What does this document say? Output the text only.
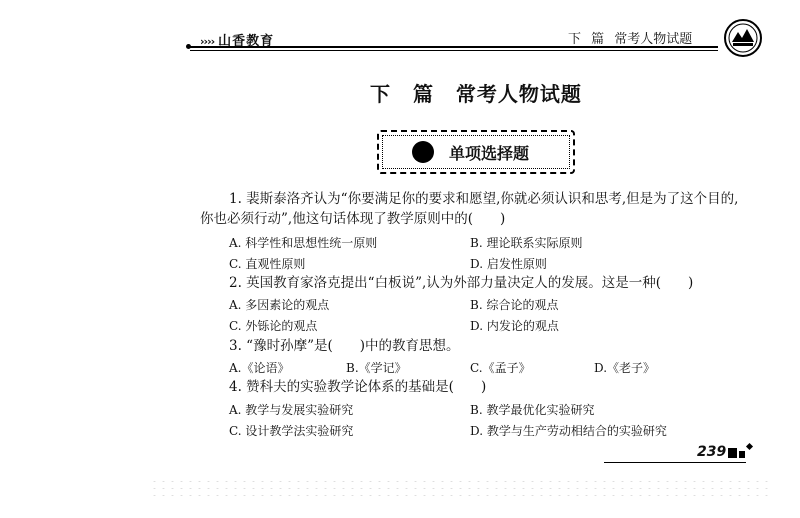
›››› 山香教育	下 篇 常考人物试题
下 篇 常考人物试题
单项选择题
1. 裴斯泰洛齐认为“你要满足你的要求和愿望,你就必须认识和思考,但是为了这个目的,
你也必须行动”,他这句话体现了教学原则中的(　　)
A. 科学性和思想性统一原则	B. 理论联系实际原则
C. 直观性原则	D. 启发性原则
2. 英国教育家洛克提出“白板说”,认为外部力量决定人的发展。这是一种(　　)
A. 多因素论的观点	B. 综合论的观点
C. 外铄论的观点	D. 内发论的观点
3. “豫时孙摩”是(　　)中的教育思想。
A.《论语》	B.《学记》	C.《孟子》	D.《老子》
4. 赞科夫的实验教学论体系的基础是(　　)
A. 教学与发展实验研究	B. 教学最优化实验研究
C. 设计教学法实验研究	D. 教学与生产劳动相结合的实验研究
239
